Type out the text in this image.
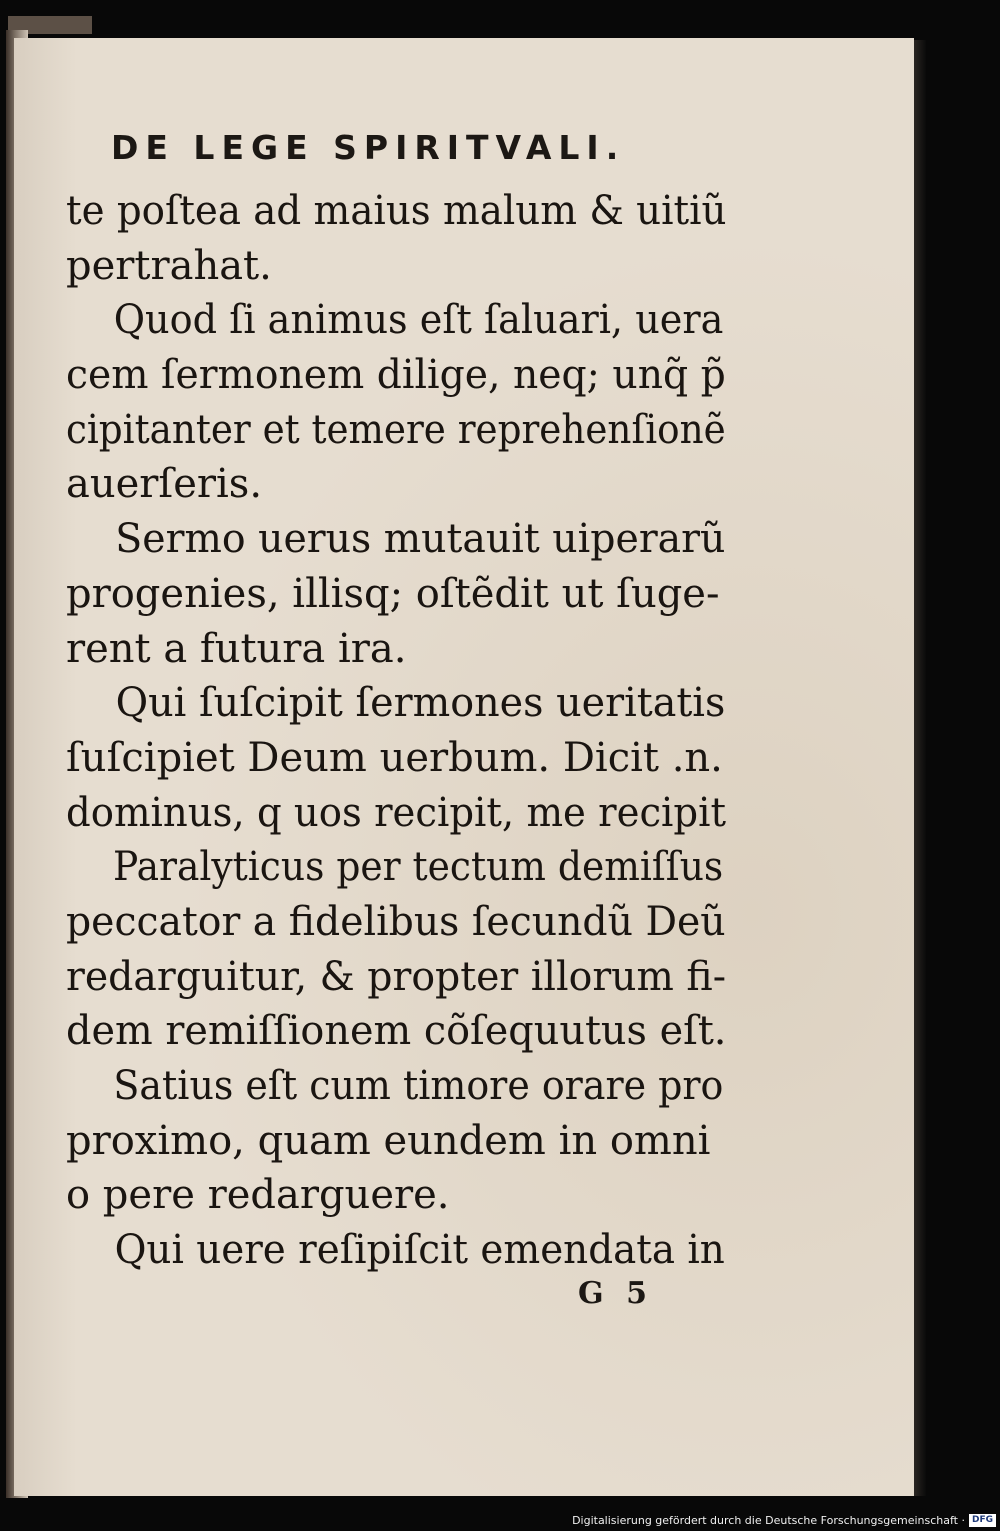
DE LEGE SPIRITVALI.
te poſtea ad maius malum & uitiũ
pertrahat.
Quod ſi animus eſt ſaluari, uera
cem ſermonem dilige, neq; unq̃ p̃
cipitanter et temere reprehenſionẽ
auerſeris.
Sermo uerus mutauit uiperarũ
progenies, illisq; oſtẽdit ut ſuge-
rent a futura ira.
Qui ſuſcipit ſermones ueritatis
ſuſcipiet Deum uerbum. Dicit .n.
dominus, q uos recipit, me recipit
Paralyticus per tectum demiſſus
peccator a fidelibus ſecundũ Deũ
redarguitur, & propter illorum fi-
dem remiſſionem cõſequutus eſt.
Satius eſt cum timore orare pro
proximo, quam eundem in omni
o pere redarguere.
Qui uere reſipiſcit emendata in
G 5
Digitalisierung gefördert durch die Deutsche Forschungsgemeinschaft · DFG
